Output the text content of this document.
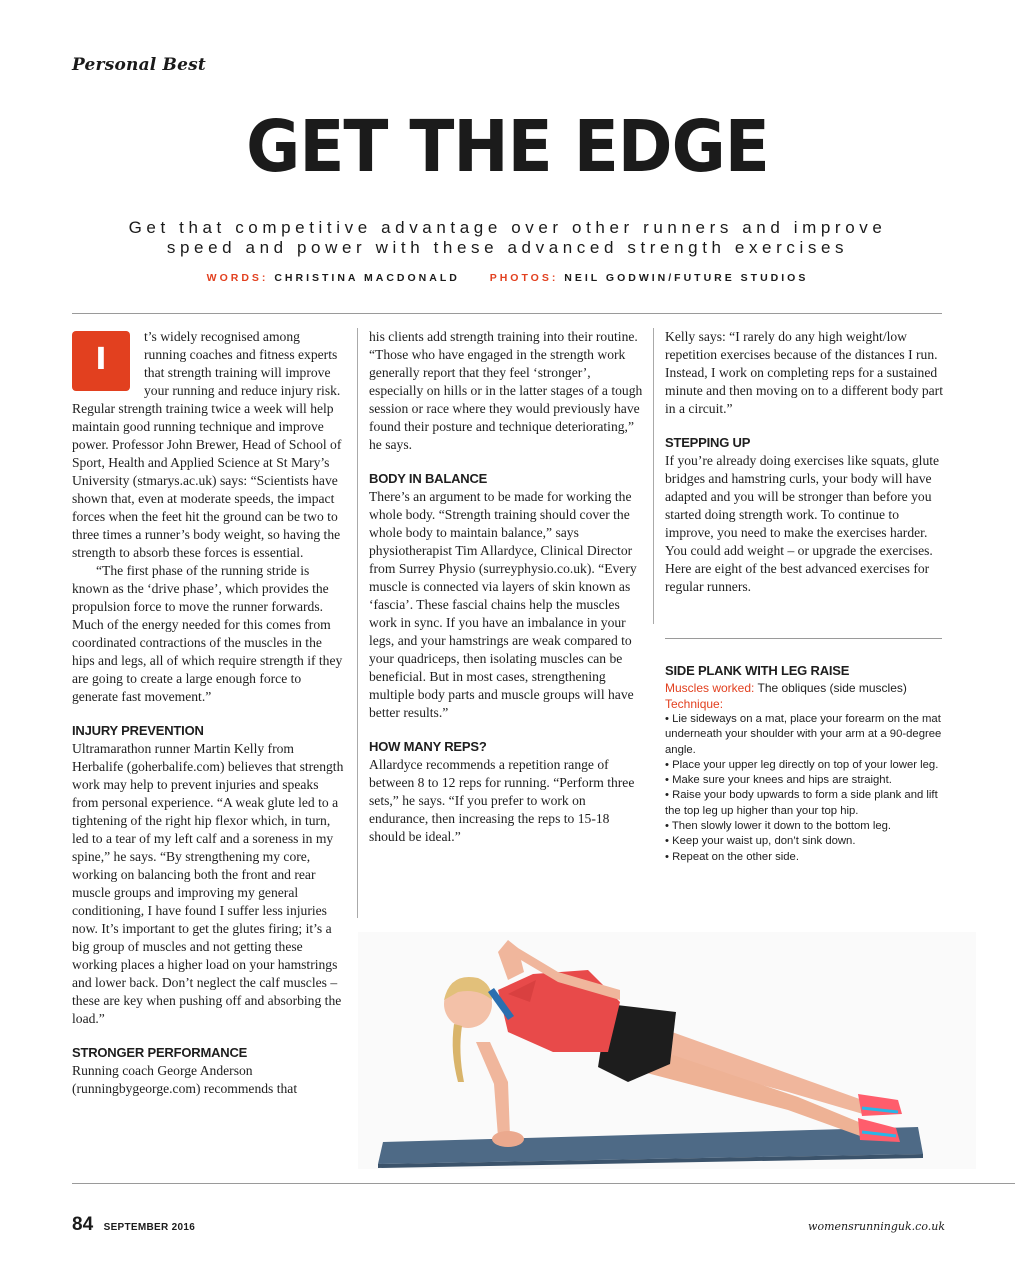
Personal Best
GET THE EDGE
Get that competitive advantage over other runners and improve speed and power with these advanced strength exercises
WORDS: CHRISTINA MACDONALD	PHOTOS: NEIL GODWIN/FUTURE STUDIOS
I

t’s widely recognised among running coaches and fitness experts that strength training will improve your running and reduce injury risk. Regular strength training twice a week will help maintain good running technique and improve power. Professor John Brewer, Head of School of Sport, Health and Applied Science at St Mary’s University (stmarys.ac.uk) says: “Scientists have shown that, even at moderate speeds, the impact forces when the feet hit the ground can be two to three times a runner’s body weight, so having the strength to absorb these forces is essential.

“The first phase of the running stride is known as the ‘drive phase’, which provides the propulsion force to move the runner forwards. Much of the energy needed for this comes from coordinated contractions of the muscles in the hips and legs, all of which require strength if they are going to create a large enough force to generate fast movement.”

INJURY PREVENTION

Ultramarathon runner Martin Kelly from Herbalife (goherbalife.com) believes that strength work may help to prevent injuries and speaks from personal experience. “A weak glute led to a tightening of the right hip flexor which, in turn, led to a tear of my left calf and a soreness in my spine,” he says. “By strengthening my core, working on balancing both the front and rear muscle groups and improving my general conditioning, I have found I suffer less injuries now. It’s important to get the glutes firing; it’s a big group of muscles and not getting these working places a higher load on your hamstrings and lower back. Don’t neglect the calf muscles – these are key when pushing off and absorbing the load.”

STRONGER PERFORMANCE

Running coach George Anderson (runningbygeorge.com) recommends that

his clients add strength training into their routine. “Those who have engaged in the strength work generally report that they feel ‘stronger’, especially on hills or in the latter stages of a tough session or race where they would previously have found their posture and technique deteriorating,” he says.

BODY IN BALANCE

There’s an argument to be made for working the whole body. “Strength training should cover the whole body to maintain balance,” says physiotherapist Tim Allardyce, Clinical Director from Surrey Physio (surreyphysio.co.uk). “Every muscle is connected via layers of skin known as ‘fascia’. These fascial chains help the muscles work in sync. If you have an imbalance in your legs, and your hamstrings are weak compared to your quadriceps, then isolating muscles can be beneficial. But in most cases, strengthening multiple body parts and muscle groups will have better results.”

HOW MANY REPS?

Allardyce recommends a repetition range of between 8 to 12 reps for running. “Perform three sets,” he says. “If you prefer to work on endurance, then increasing the reps to 15-18 should be ideal.”

Kelly says: “I rarely do any high weight/low repetition exercises because of the distances I run. Instead, I work on completing reps for a sustained minute and then moving on to a different body part in a circuit.”

STEPPING UP

If you’re already doing exercises like squats, glute bridges and hamstring curls, your body will have adapted and you will be stronger than before you started doing strength work. To continue to improve, you need to make the exercises harder. You could add weight – or upgrade the exercises. Here are eight of the best advanced exercises for regular runners.

SIDE PLANK WITH LEG RAISE
Muscles worked: The obliques (side muscles)
Technique:
• Lie sideways on a mat, place your forearm on the mat underneath your shoulder with your arm at a 90-degree angle.
• Place your upper leg directly on top of your lower leg.
• Make sure your knees and hips are straight.
• Raise your body upwards to form a side plank and lift the top leg up higher than your top hip.
• Then slowly lower it down to the bottom leg.
• Keep your waist up, don’t sink down.
• Repeat on the other side.
84 SEPTEMBER 2016	womensrunninguk.co.uk
